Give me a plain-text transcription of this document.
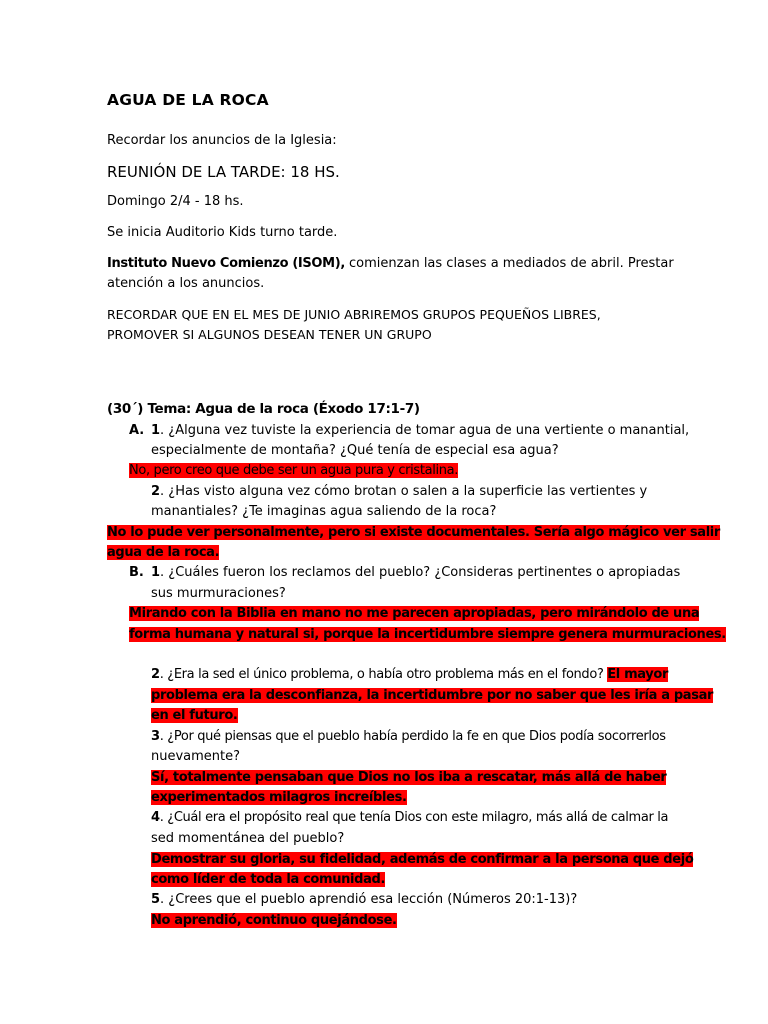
AGUA DE LA ROCA
Recordar los anuncios de la Iglesia:
REUNIÓN DE LA TARDE: 18 HS.
Domingo 2/4 - 18 hs.
Se inicia Auditorio Kids turno tarde.
Instituto Nuevo Comienzo (ISOM), comienzan las clases a mediados de abril. Prestar
atención a los anuncios.
RECORDAR QUE EN EL MES DE JUNIO ABRIREMOS GRUPOS PEQUEÑOS LIBRES,
PROMOVER SI ALGUNOS DESEAN TENER UN GRUPO
(30´) Tema: Agua de la roca (Éxodo 17:1-7)
A. 1. ¿Alguna vez tuviste la experiencia de tomar agua de una vertiente o manantial,
especialmente de montaña? ¿Qué tenía de especial esa agua?
No, pero creo que debe ser un agua pura y cristalina.
2. ¿Has visto alguna vez cómo brotan o salen a la superficie las vertientes y
manantiales? ¿Te imaginas agua saliendo de la roca?
No lo pude ver personalmente, pero si existe documentales. Sería algo mágico ver salir
agua de la roca.
B. 1. ¿Cuáles fueron los reclamos del pueblo? ¿Consideras pertinentes o apropiadas
sus murmuraciones?
Mirando con la Biblia en mano no me parecen apropiadas, pero mirándolo de una
forma humana y natural si, porque la incertidumbre siempre genera murmuraciones.
2. ¿Era la sed el único problema, o había otro problema más en el fondo? El mayor
problema era la desconfianza, la incertidumbre por no saber que les iría a pasar
en el futuro.
3. ¿Por qué piensas que el pueblo había perdido la fe en que Dios podía socorrerlos
nuevamente?
Sí, totalmente pensaban que Dios no los iba a rescatar, más allá de haber
experimentados milagros increíbles.
4. ¿Cuál era el propósito real que tenía Dios con este milagro, más allá de calmar la
sed momentánea del pueblo?
Demostrar su gloria, su fidelidad, además de confirmar a la persona que dejó
como líder de toda la comunidad.
5. ¿Crees que el pueblo aprendió esa lección (Números 20:1-13)?
No aprendió, continuo quejándose.
